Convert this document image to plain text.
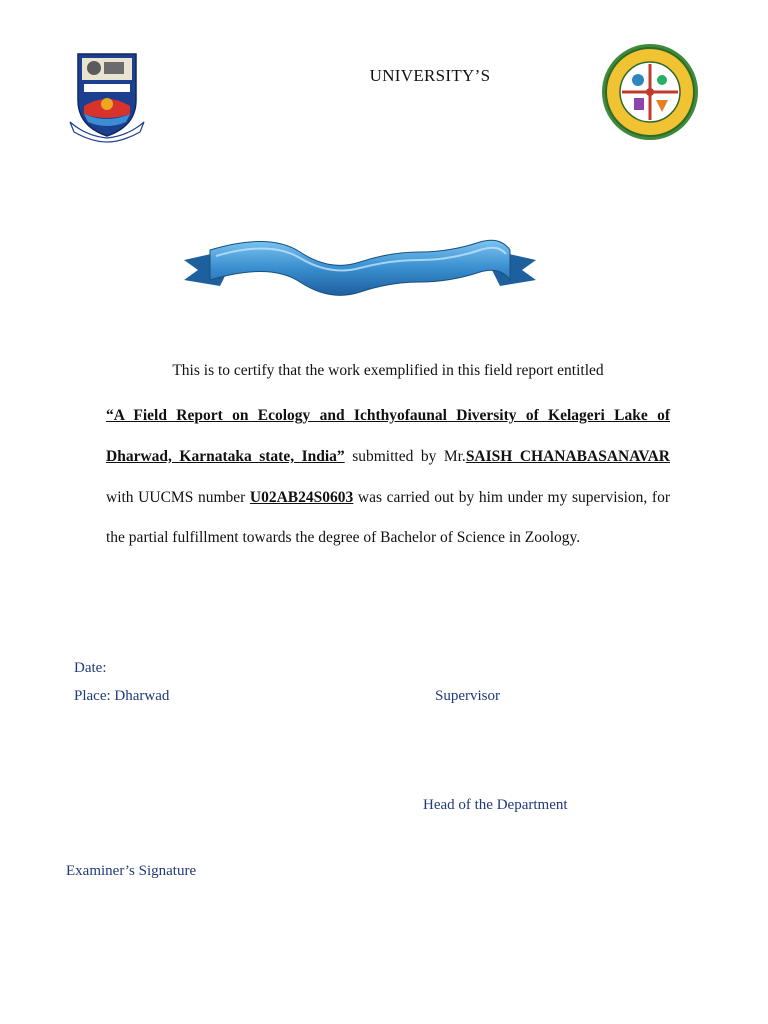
UNIVERSITY’S
This is to certify that the work exemplified in this field report entitled
“A Field Report on Ecology and Ichthyofaunal Diversity of Kelageri Lake of Dharwad, Karnataka state, India” submitted by Mr.SAISH CHANABASANAVAR with UUCMS number U02AB24S0603 was carried out by him under my supervision, for the partial fulfillment towards the degree of Bachelor of Science in Zoology.
Date:
Place: Dharwad	Supervisor
Head of the Department
Examiner’s Signature
